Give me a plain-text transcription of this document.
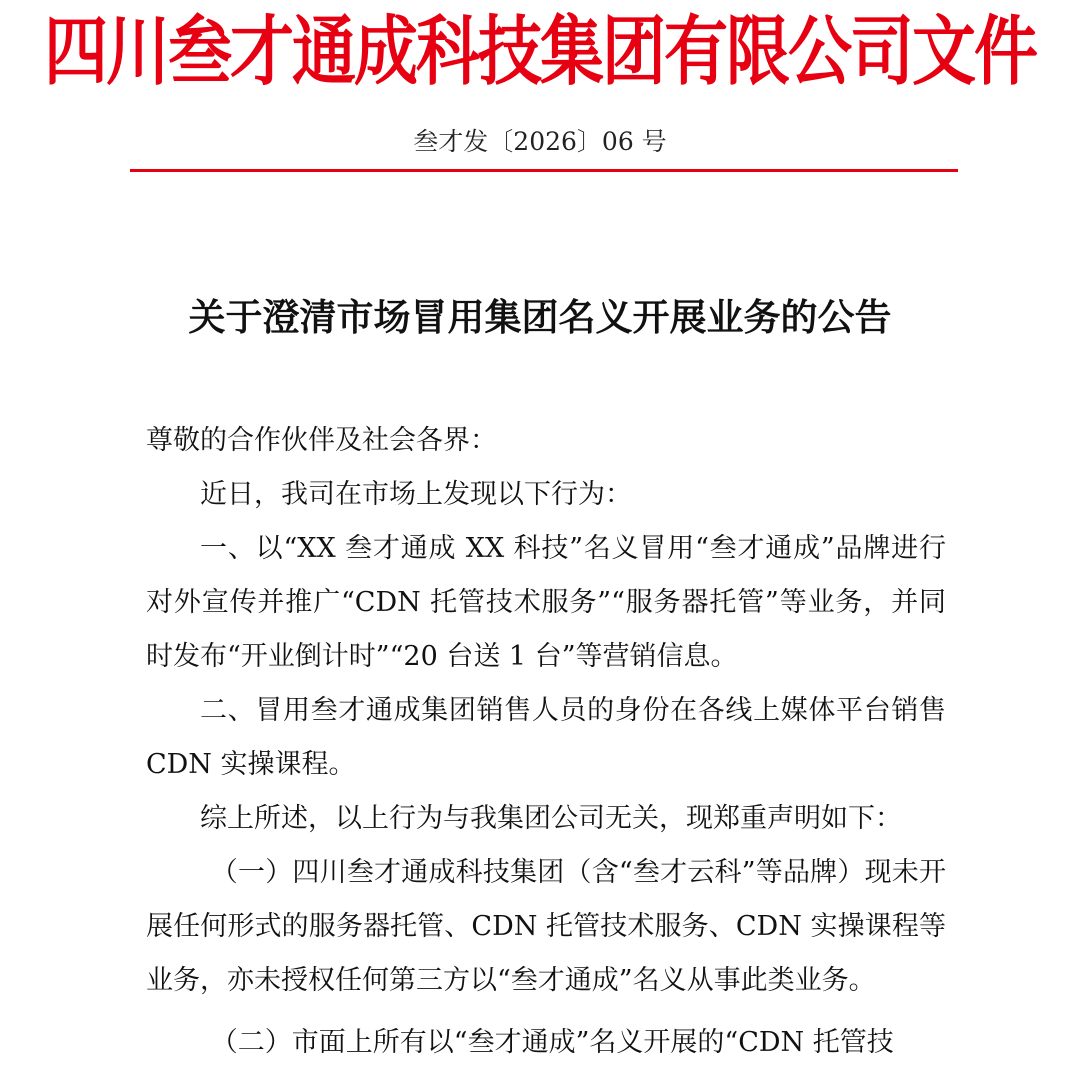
四川叁才通成科技集团有限公司文件
叁才发〔2026〕06 号
关于澄清市场冒用集团名义开展业务的公告

尊敬的合作伙伴及社会各界：

近日，我司在市场上发现以下行为：

一、以“XX 叁才通成 XX 科技”名义冒用“叁才通成”品牌进行对外宣传并推广“CDN 托管技术服务”“服务器托管”等业务，并同时发布“开业倒计时”“20 台送 1 台”等营销信息。

二、冒用叁才通成集团销售人员的身份在各线上媒体平台销售 CDN 实操课程。

综上所述，以上行为与我集团公司无关，现郑重声明如下：

（一）四川叁才通成科技集团（含“叁才云科”等品牌）现未开展任何形式的服务器托管、CDN 托管技术服务、CDN 实操课程等业务，亦未授权任何第三方以“叁才通成”名义从事此类业务。

（二）市面上所有以“叁才通成”名义开展的“CDN 托管技
